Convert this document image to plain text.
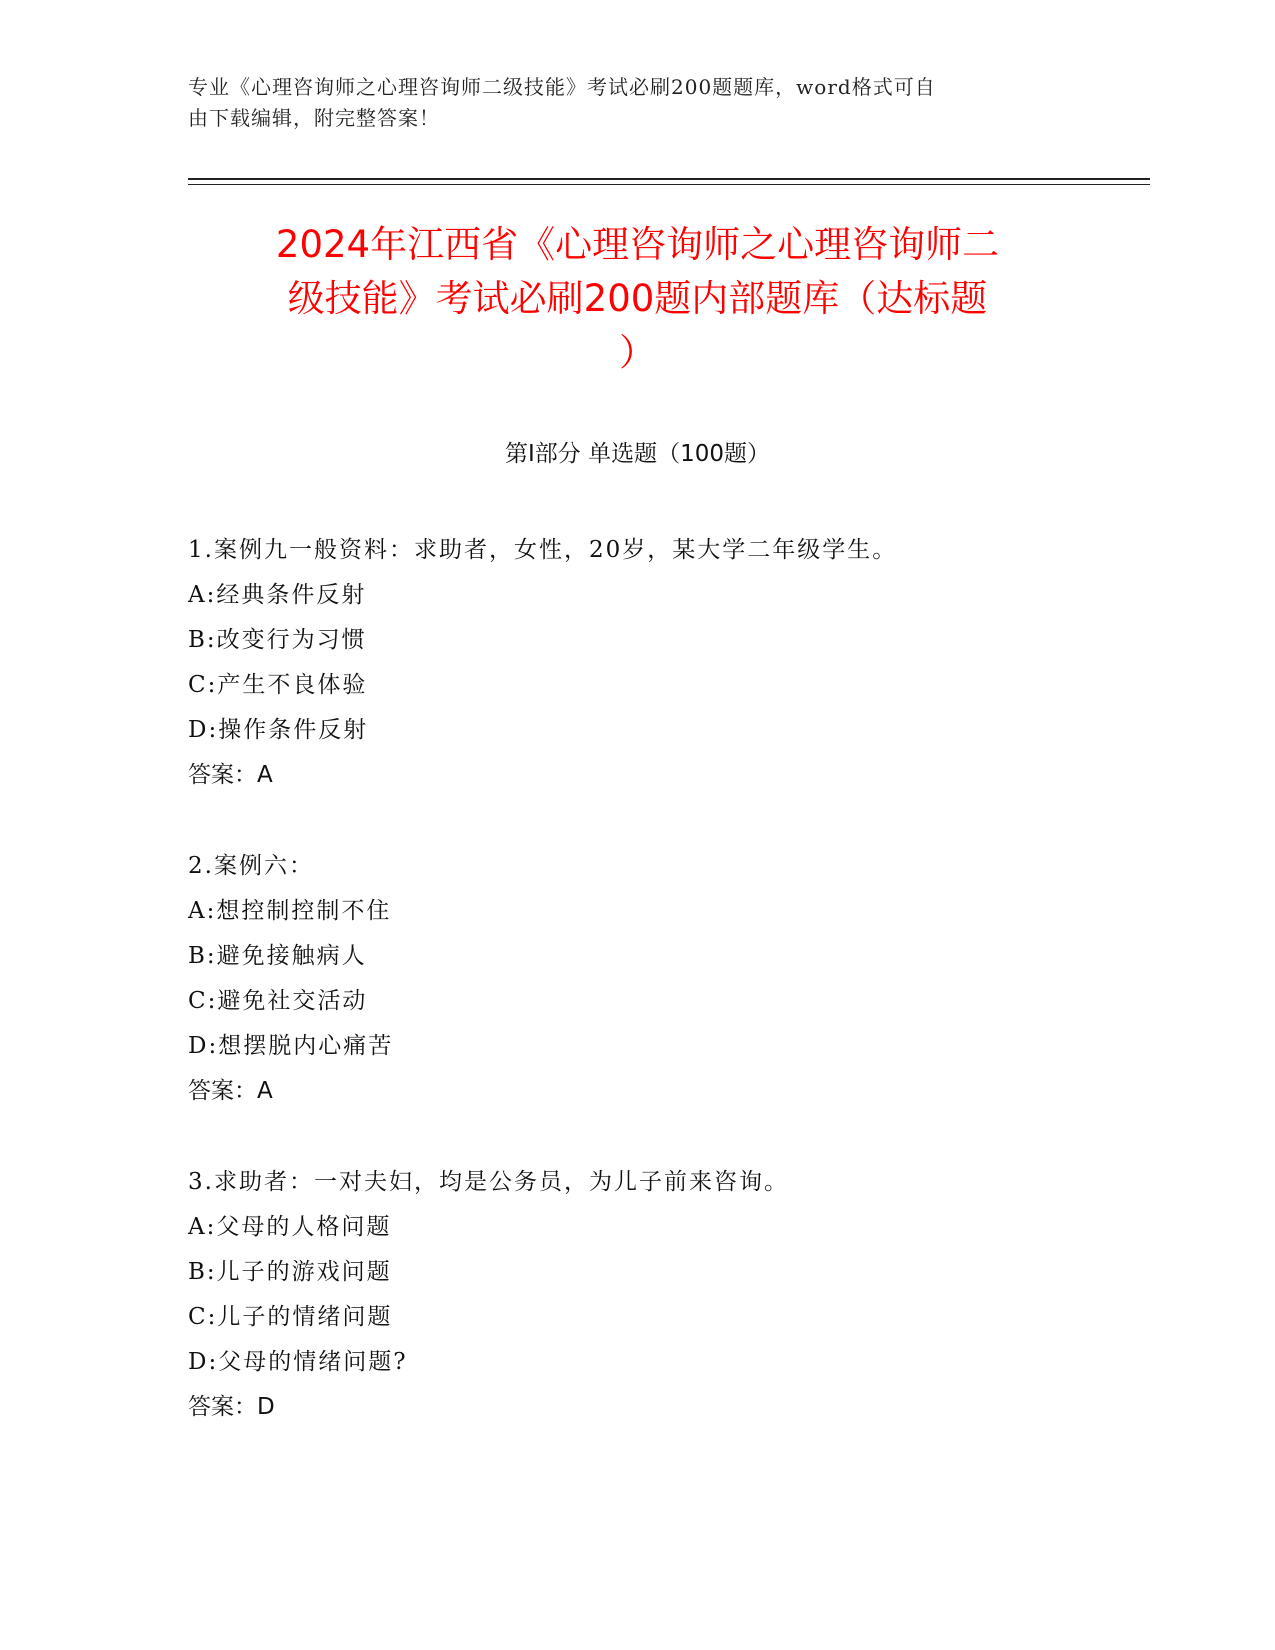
专业《心理咨询师之心理咨询师二级技能》考试必刷200题题库，word格式可自
由下载编辑，附完整答案！
2024年江西省《心理咨询师之心理咨询师二
级技能》考试必刷200题内部题库（达标题
）
第Ⅰ部分 单选题（100题）
1.案例九一般资料：求助者，女性，20岁，某大学二年级学生。
A:经典条件反射
B:改变行为习惯
C:产生不良体验
D:操作条件反射
答案：A
2.案例六：
A:想控制控制不住
B:避免接触病人
C:避免社交活动
D:想摆脱内心痛苦
答案：A
3.求助者：一对夫妇，均是公务员，为儿子前来咨询。
A:父母的人格问题
B:儿子的游戏问题
C:儿子的情绪问题
D:父母的情绪问题?
答案：D
